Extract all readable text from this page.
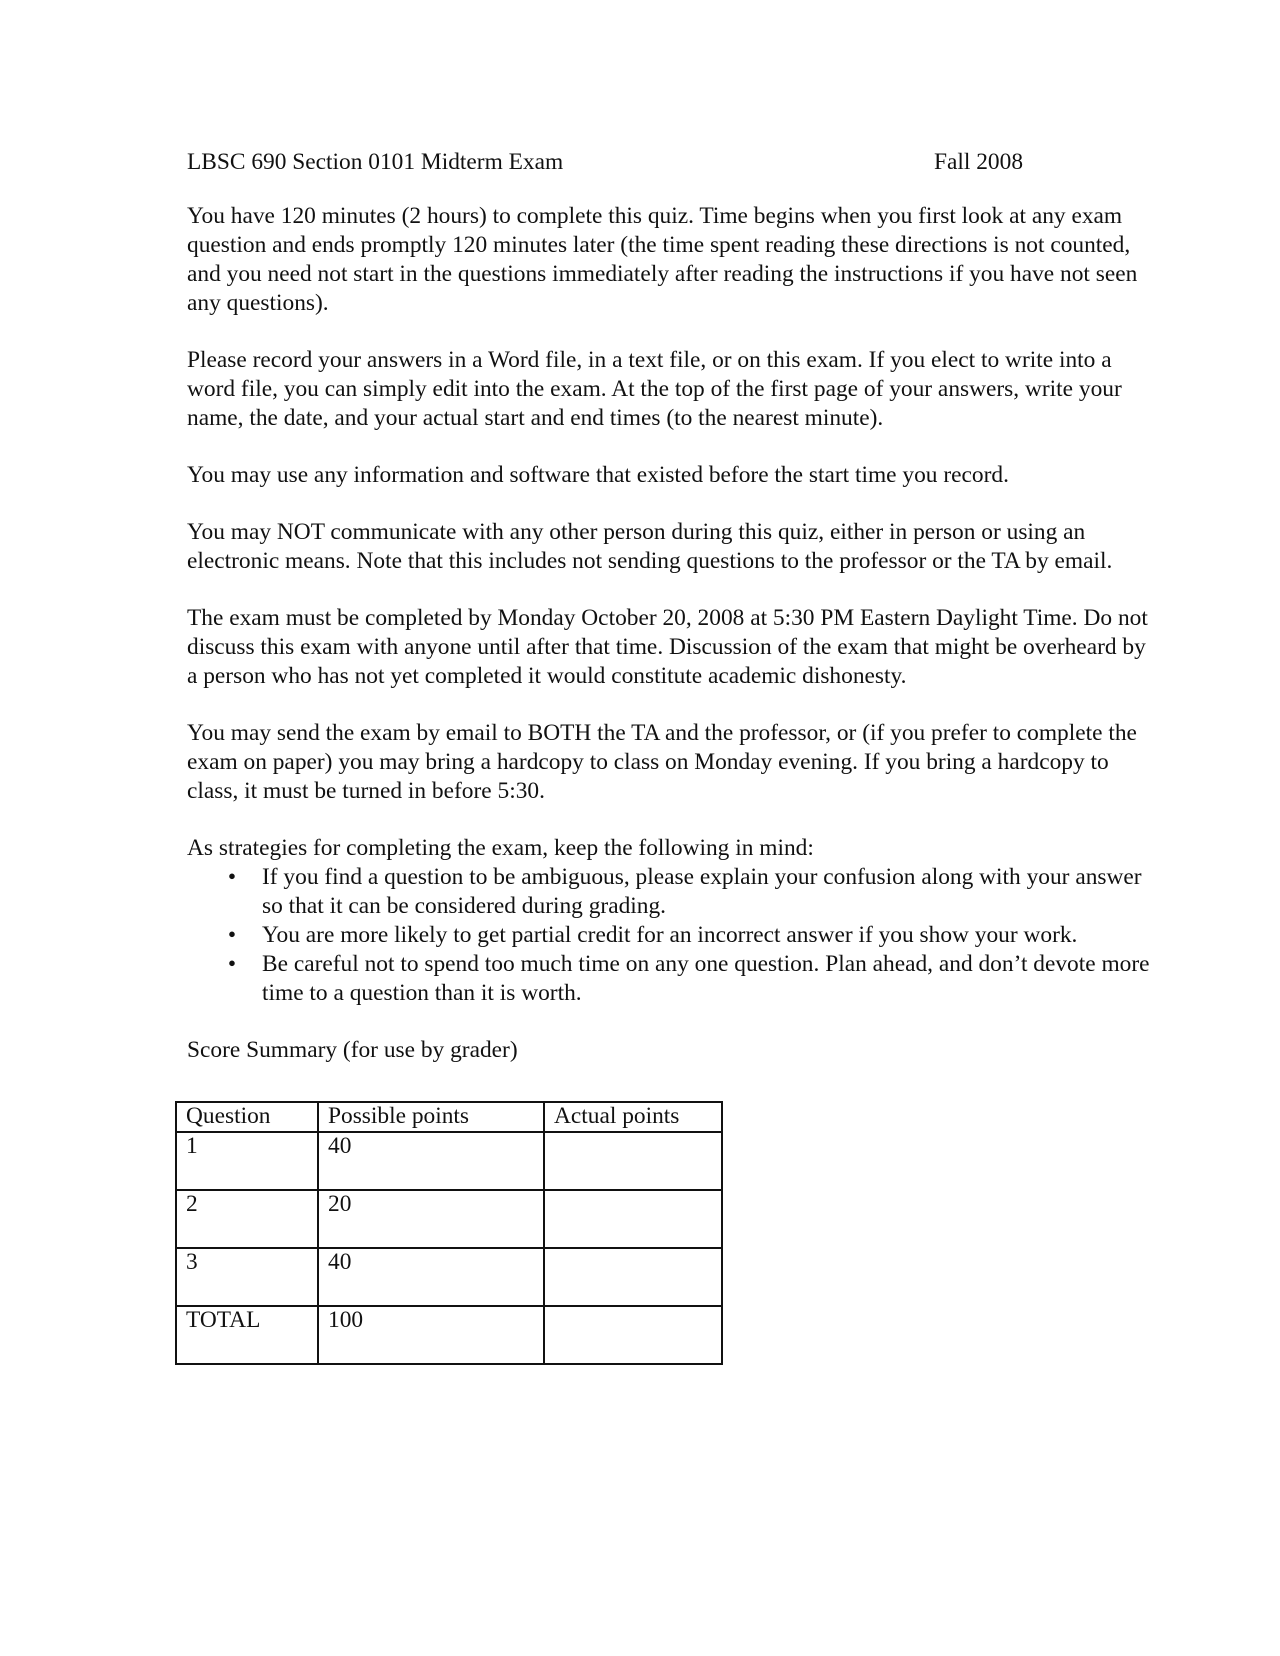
LBSC 690 Section 0101 Midterm Exam	Fall 2008

You have 120 minutes (2 hours) to complete this quiz. Time begins when you first look at any exam question and ends promptly 120 minutes later (the time spent reading these directions is not counted, and you need not start in the questions immediately after reading the instructions if you have not seen any questions).

Please record your answers in a Word file, in a text file, or on this exam. If you elect to write into a word file, you can simply edit into the exam. At the top of the first page of your answers, write your name, the date, and your actual start and end times (to the nearest minute).

You may use any information and software that existed before the start time you record.

You may NOT communicate with any other person during this quiz, either in person or using an electronic means. Note that this includes not sending questions to the professor or the TA by email.

The exam must be completed by Monday October 20, 2008 at 5:30 PM Eastern Daylight Time. Do not discuss this exam with anyone until after that time. Discussion of the exam that might be overheard by a person who has not yet completed it would constitute academic dishonesty.

You may send the exam by email to BOTH the TA and the professor, or (if you prefer to complete the exam on paper) you may bring a hardcopy to class on Monday evening. If you bring a hardcopy to class, it must be turned in before 5:30.

As strategies for completing the exam, keep the following in mind:
• If you find a question to be ambiguous, please explain your confusion along with your answer so that it can be considered during grading.
• You are more likely to get partial credit for an incorrect answer if you show your work.
• Be careful not to spend too much time on any one question. Plan ahead, and don’t devote more time to a question than it is worth.
Score Summary (for use by grader)
Question	Possible points	Actual points
1	40	
2	20	
3	40	
TOTAL	100	
